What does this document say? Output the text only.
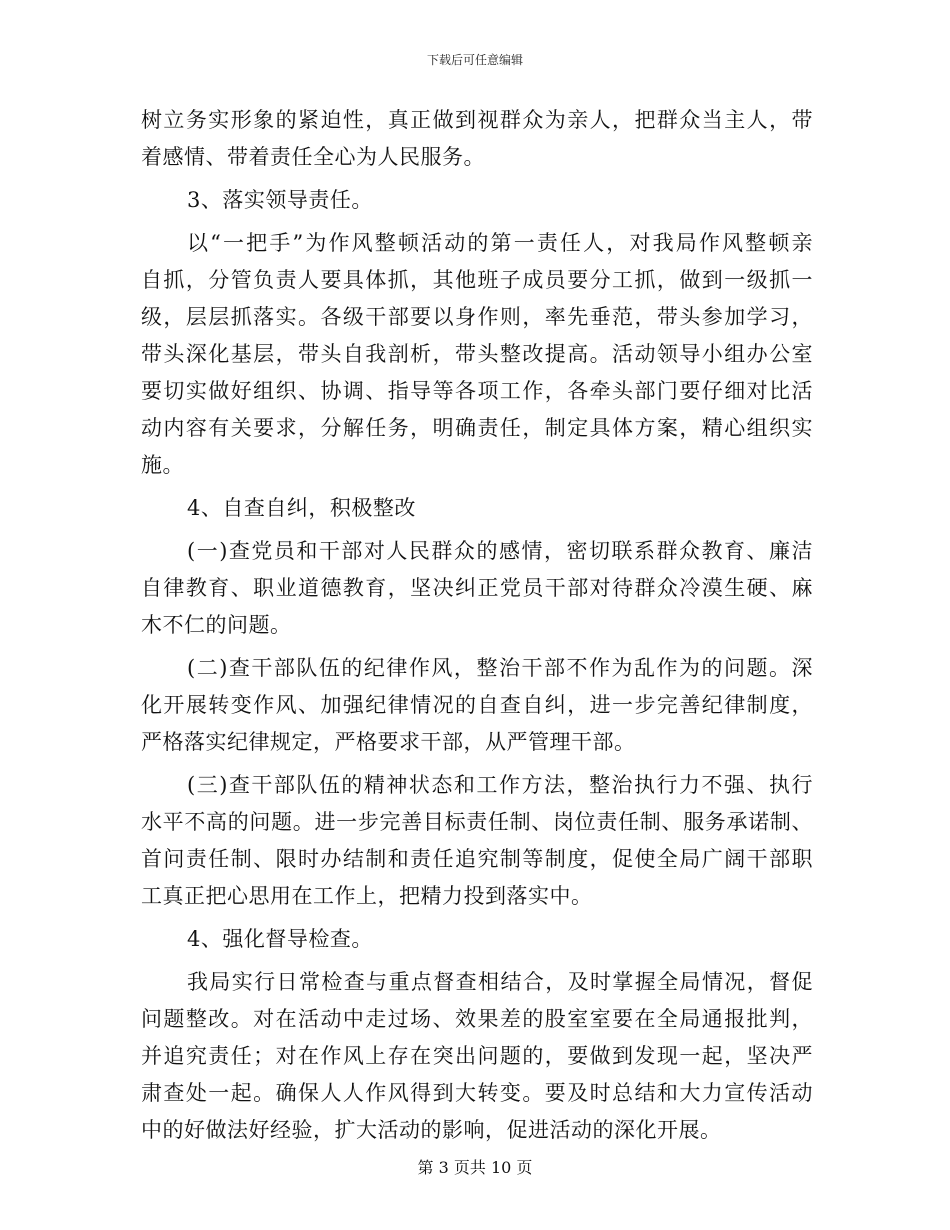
下载后可任意编辑
树立务实形象的紧迫性，真正做到视群众为亲人，把群众当主人，带
着感情、带着责任全心为人民服务。
3、落实领导责任。
以“一把手”为作风整顿活动的第一责任人，对我局作风整顿亲
自抓，分管负责人要具体抓，其他班子成员要分工抓，做到一级抓一
级，层层抓落实。各级干部要以身作则，率先垂范，带头参加学习，
带头深化基层，带头自我剖析，带头整改提高。活动领导小组办公室
要切实做好组织、协调、指导等各项工作，各牵头部门要仔细对比活
动内容有关要求，分解任务，明确责任，制定具体方案，精心组织实
施。
4、自查自纠，积极整改
(一)查党员和干部对人民群众的感情，密切联系群众教育、廉洁
自律教育、职业道德教育，坚决纠正党员干部对待群众冷漠生硬、麻
木不仁的问题。
(二)查干部队伍的纪律作风，整治干部不作为乱作为的问题。深
化开展转变作风、加强纪律情况的自查自纠，进一步完善纪律制度，
严格落实纪律规定，严格要求干部，从严管理干部。
(三)查干部队伍的精神状态和工作方法，整治执行力不强、执行
水平不高的问题。进一步完善目标责任制、岗位责任制、服务承诺制、
首问责任制、限时办结制和责任追究制等制度，促使全局广阔干部职
工真正把心思用在工作上，把精力投到落实中。
4、强化督导检查。
我局实行日常检查与重点督查相结合，及时掌握全局情况，督促
问题整改。对在活动中走过场、效果差的股室室要在全局通报批判，
并追究责任；对在作风上存在突出问题的，要做到发现一起，坚决严
肃查处一起。确保人人作风得到大转变。要及时总结和大力宣传活动
中的好做法好经验，扩大活动的影响，促进活动的深化开展。
第 3 页共 10 页
